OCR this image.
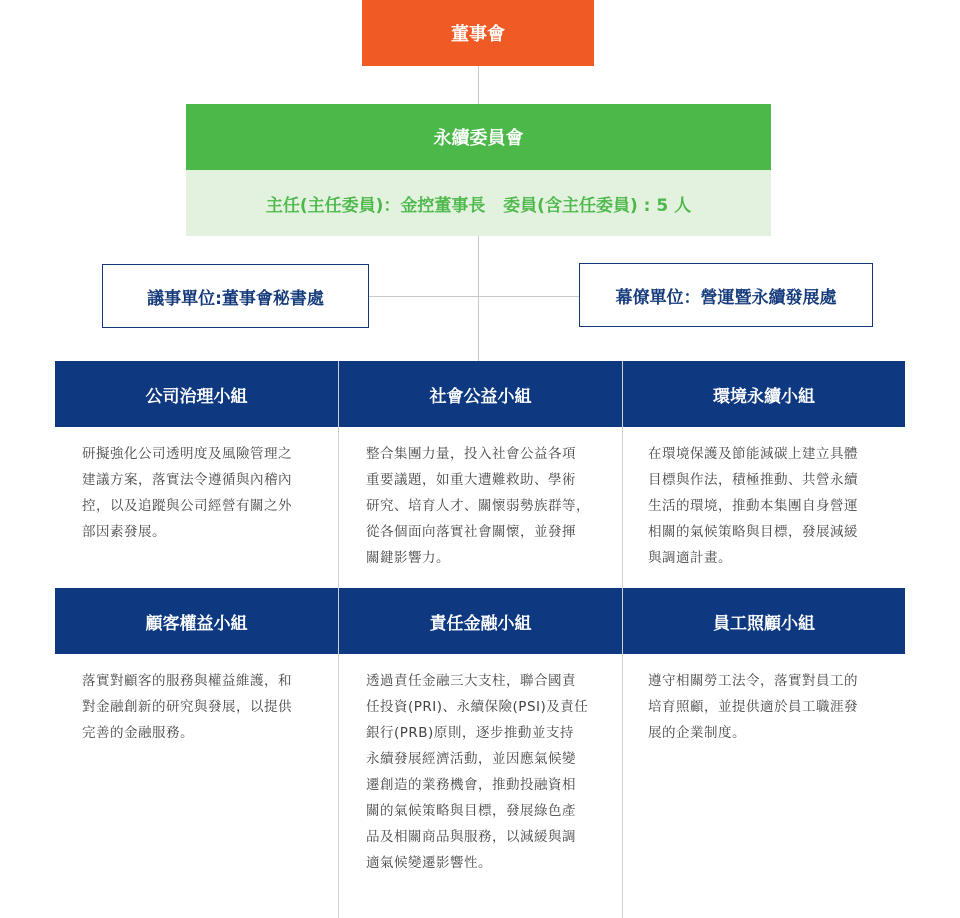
董事會
永續委員會
主任(主任委員)：金控董事長   委員(含主任委員) : 5 人
議事單位:董事會秘書處	幕僚單位：營運暨永續發展處
公司治理小組	社會公益小組	環境永續小組
研擬強化公司透明度及風險管理之
建議方案，落實法令遵循與內稽內
控，以及追蹤與公司經營有關之外
部因素發展。
整合集團力量，投入社會公益各項
重要議題，如重大遭難救助、學術
研究、培育人才、關懷弱勢族群等，
從各個面向落實社會關懷，並發揮
關鍵影響力。
在環境保護及節能減碳上建立具體
目標與作法，積極推動、共營永續
生活的環境，推動本集團自身營運
相關的氣候策略與目標，發展減緩
與調適計畫。
顧客權益小組	責任金融小組	員工照顧小組
落實對顧客的服務與權益維護，和
對金融創新的研究與發展，以提供
完善的金融服務。
透過責任金融三大支柱，聯合國責
任投資(PRI)、永續保險(PSI)及責任
銀行(PRB)原則，逐步推動並支持
永續發展經濟活動，並因應氣候變
遷創造的業務機會，推動投融資相
關的氣候策略與目標，發展綠色產
品及相關商品與服務，以減緩與調
適氣候變遷影響性。
遵守相關勞工法令，落實對員工的
培育照顧，並提供適於員工職涯發
展的企業制度。
